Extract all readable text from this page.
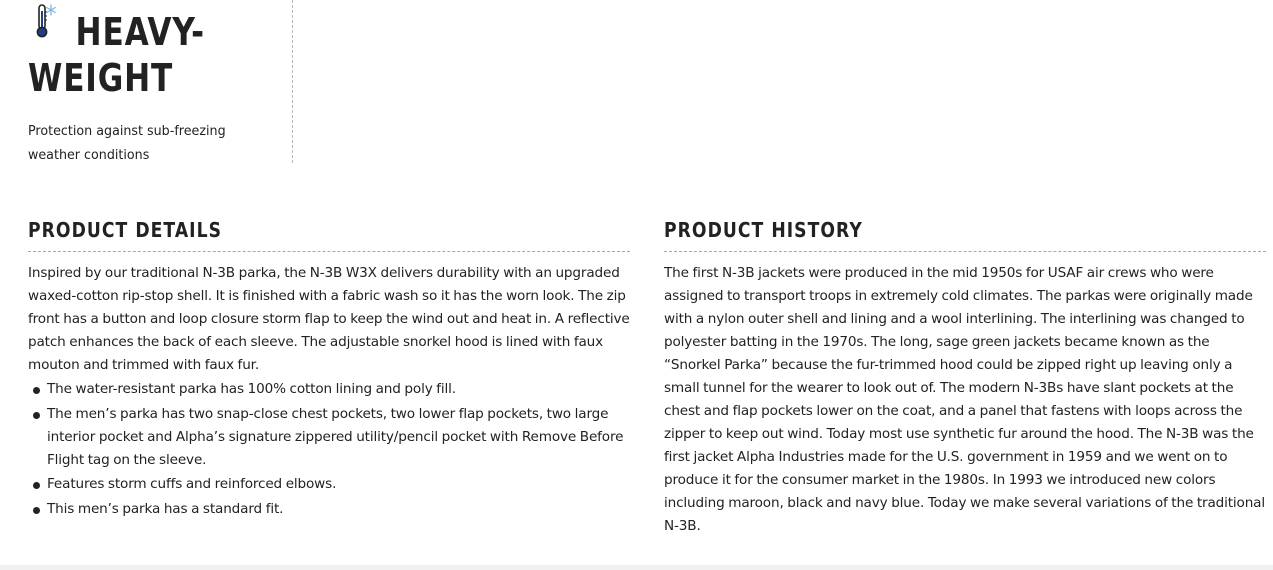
HEAVY-
WEIGHT
Protection against sub-freezing weather conditions
PRODUCT DETAILS

Inspired by our traditional N-3B parka, the N-3B W3X delivers durability with an upgraded waxed-cotton rip-stop shell. It is finished with a fabric wash so it has the worn look. The zip front has a button and loop closure storm flap to keep the wind out and heat in. A reflective patch enhances the back of each sleeve. The adjustable snorkel hood is lined with faux mouton and trimmed with faux fur.

The water-resistant parka has 100% cotton lining and poly fill.
The men’s parka has two snap-close chest pockets, two lower flap pockets, two large interior pocket and Alpha’s signature zippered utility/pencil pocket with Remove Before Flight tag on the sleeve.
Features storm cuffs and reinforced elbows.
This men’s parka has a standard fit.
PRODUCT HISTORY

The first N-3B jackets were produced in the mid 1950s for USAF air crews who were assigned to transport troops in extremely cold climates. The parkas were originally made with a nylon outer shell and lining and a wool interlining. The interlining was changed to polyester batting in the 1970s. The long, sage green jackets became known as the “Snorkel Parka” because the fur-trimmed hood could be zipped right up leaving only a small tunnel for the wearer to look out of. The modern N-3Bs have slant pockets at the chest and flap pockets lower on the coat, and a panel that fastens with loops across the zipper to keep out wind. Today most use synthetic fur around the hood. The N-3B was the first jacket Alpha Industries made for the U.S. government in 1959 and we went on to produce it for the consumer market in the 1980s. In 1993 we introduced new colors including maroon, black and navy blue. Today we make several variations of the traditional N-3B.
